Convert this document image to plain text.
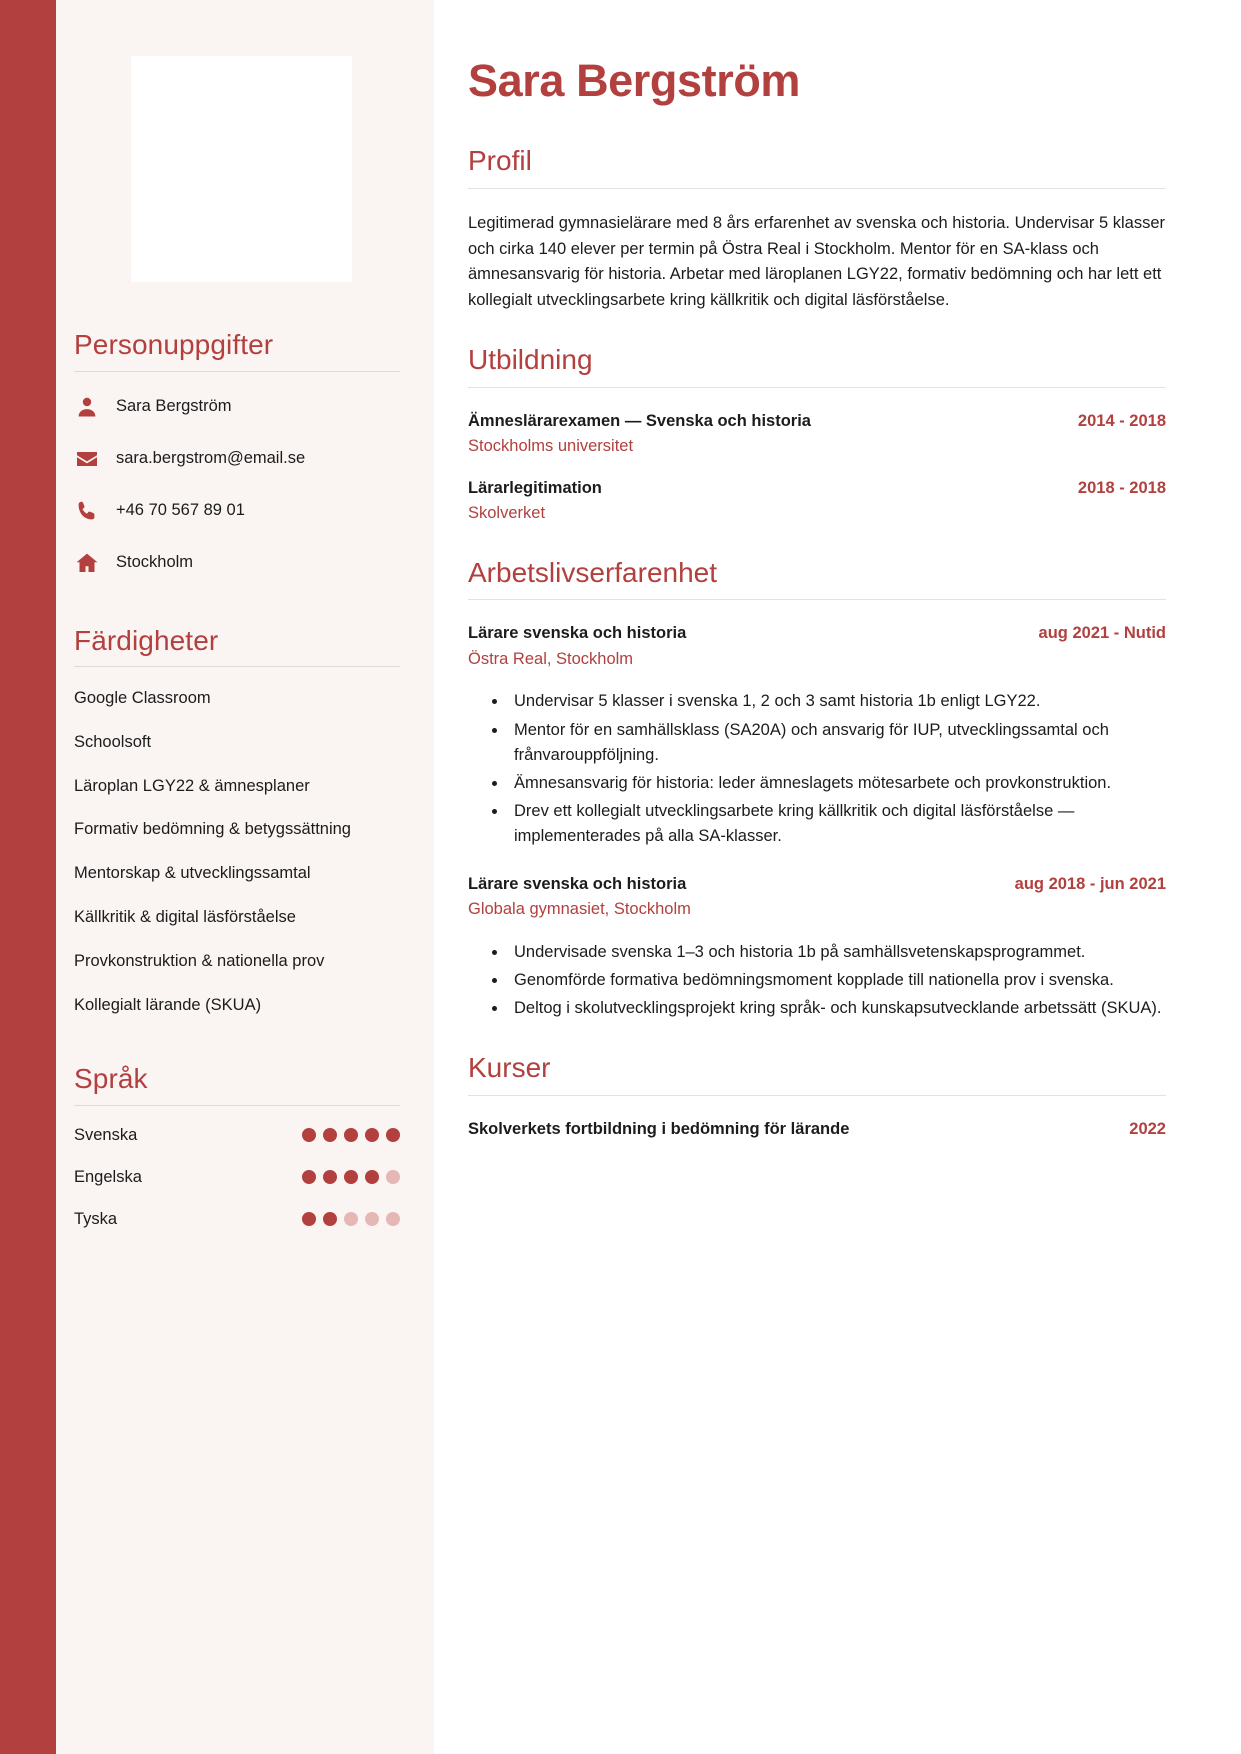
Personuppgifter
Sara Bergström
sara.bergstrom@email.se
+46 70 567 89 01
Stockholm
Färdigheter
Google Classroom
Schoolsoft
Läroplan LGY22 & ämnesplaner
Formativ bedömning & betygssättning
Mentorskap & utvecklingssamtal
Källkritik & digital läsförståelse
Provkonstruktion & nationella prov
Kollegialt lärande (SKUA)
Språk
Svenska
Engelska
Tyska
Sara Bergström
Profil

Legitimerad gymnasielärare med 8 års erfarenhet av svenska och historia. Undervisar 5 klasser och cirka 140 elever per termin på Östra Real i Stockholm. Mentor för en SA-klass och ämnesansvarig för historia. Arbetar med läroplanen LGY22, formativ bedömning och har lett ett kollegialt utvecklingsarbete kring källkritik och digital läsförståelse.

Utbildning
Ämneslärarexamen — Svenska och historia	2014 - 2018
Stockholms universitet
Lärarlegitimation	2018 - 2018
Skolverket
Arbetslivserfarenhet
Lärare svenska och historia	aug 2021 - Nutid
Östra Real, Stockholm
• Undervisar 5 klasser i svenska 1, 2 och 3 samt historia 1b enligt LGY22.
• Mentor för en samhällsklass (SA20A) och ansvarig för IUP, utvecklingssamtal och frånvarouppföljning.
• Ämnesansvarig för historia: leder ämneslagets mötesarbete och provkonstruktion.
• Drev ett kollegialt utvecklingsarbete kring källkritik och digital läsförståelse — implementerades på alla SA-klasser.
Lärare svenska och historia	aug 2018 - jun 2021
Globala gymnasiet, Stockholm
• Undervisade svenska 1–3 och historia 1b på samhällsvetenskapsprogrammet.
• Genomförde formativa bedömningsmoment kopplade till nationella prov i svenska.
• Deltog i skolutvecklingsprojekt kring språk- och kunskapsutvecklande arbetssätt (SKUA).
Kurser
Skolverkets fortbildning i bedömning för lärande	2022
